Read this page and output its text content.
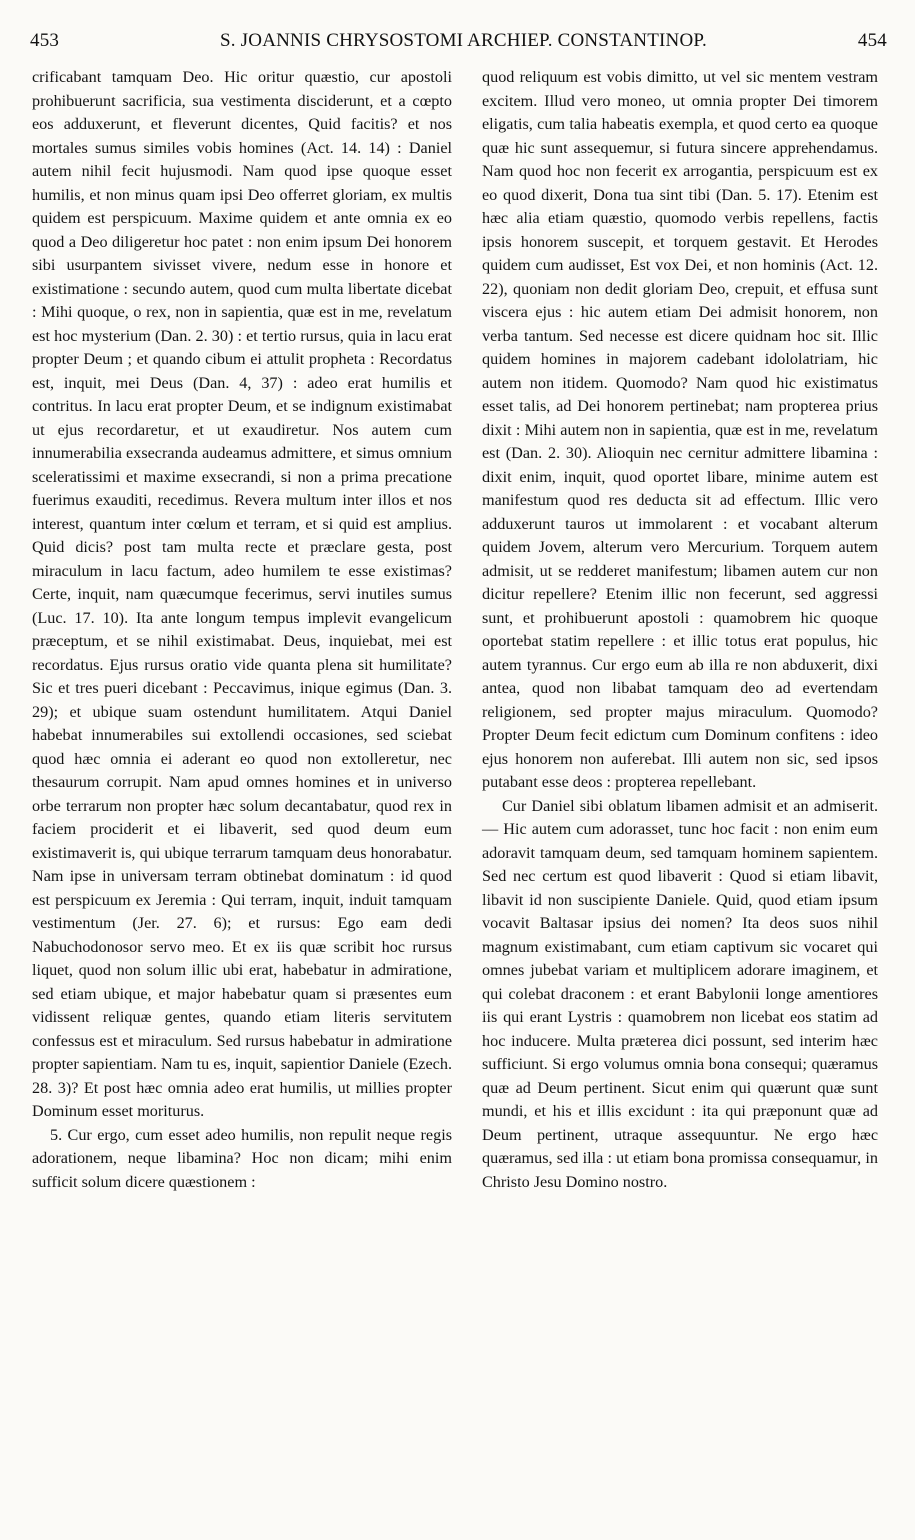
453	S. JOANNIS CHRYSOSTOMI ARCHIEP. CONSTANTINOP.	454

crificabant tamquam Deo. Hic oritur quæstio, cur apostoli prohibuerunt sacrificia, sua vestimenta disciderunt, et a cœpto eos adduxerunt, et fleverunt dicentes, Quid facitis? et nos mortales sumus similes vobis homines (Act. 14. 14) : Daniel autem nihil fecit hujusmodi. Nam quod ipse quoque esset humilis, et non minus quam ipsi Deo offerret gloriam, ex multis quidem est perspicuum. Maxime quidem et ante omnia ex eo quod a Deo diligeretur hoc patet : non enim ipsum Dei honorem sibi usurpantem sivisset vivere, nedum esse in honore et existimatione : secundo autem, quod cum multa libertate dicebat : Mihi quoque, o rex, non in sapientia, quæ est in me, revelatum est hoc mysterium (Dan. 2. 30) : et tertio rursus, quia in lacu erat propter Deum ; et quando cibum ei attulit propheta : Recordatus est, inquit, mei Deus (Dan. 4, 37) : adeo erat humilis et contritus. In lacu erat propter Deum, et se indignum existimabat ut ejus recordaretur, et ut exaudiretur. Nos autem cum innumerabilia exsecranda audeamus admittere, et simus omnium sceleratissimi et maxime exsecrandi, si non a prima precatione fuerimus exauditi, recedimus. Revera multum inter illos et nos interest, quantum inter cœlum et terram, et si quid est amplius. Quid dicis? post tam multa recte et præclare gesta, post miraculum in lacu factum, adeo humilem te esse existimas? Certe, inquit, nam quæcumque fecerimus, servi inutiles sumus (Luc. 17. 10). Ita ante longum tempus implevit evangelicum præceptum, et se nihil existimabat. Deus, inquiebat, mei est recordatus. Ejus rursus oratio vide quanta plena sit humilitate? Sic et tres pueri dicebant : Peccavimus, inique egimus (Dan. 3. 29); et ubique suam ostendunt humilitatem. Atqui Daniel habebat innumerabiles sui extollendi occasiones, sed sciebat quod hæc omnia ei aderant eo quod non extolleretur, nec thesaurum corrupit. Nam apud omnes homines et in universo orbe terrarum non propter hæc solum decantabatur, quod rex in faciem prociderit et ei libaverit, sed quod deum eum existimaverit is, qui ubique terrarum tamquam deus honorabatur. Nam ipse in universam terram obtinebat dominatum : id quod est perspicuum ex Jeremia : Qui terram, inquit, induit tamquam vestimentum (Jer. 27. 6); et rursus: Ego eam dedi Nabuchodonosor servo meo. Et ex iis quæ scribit hoc rursus liquet, quod non solum illic ubi erat, habebatur in admiratione, sed etiam ubique, et major habebatur quam si præsentes eum vidissent reliquæ gentes, quando etiam literis servitutem confessus est et miraculum. Sed rursus habebatur in admiratione propter sapientiam. Nam tu es, inquit, sapientior Daniele (Ezech. 28. 3)? Et post hæc omnia adeo erat humilis, ut millies propter Dominum esset moriturus.

5. Cur ergo, cum esset adeo humilis, non repulit neque regis adorationem, neque libamina? Hoc non dicam; mihi enim sufficit solum dicere quæstionem :

quod reliquum est vobis dimitto, ut vel sic mentem vestram excitem. Illud vero moneo, ut omnia propter Dei timorem eligatis, cum talia habeatis exempla, et quod certo ea quoque quæ hic sunt assequemur, si futura sincere apprehendamus. Nam quod hoc non fecerit ex arrogantia, perspicuum est ex eo quod dixerit, Dona tua sint tibi (Dan. 5. 17). Etenim est hæc alia etiam quæstio, quomodo verbis repellens, factis ipsis honorem suscepit, et torquem gestavit. Et Herodes quidem cum audisset, Est vox Dei, et non hominis (Act. 12. 22), quoniam non dedit gloriam Deo, crepuit, et effusa sunt viscera ejus : hic autem etiam Dei admisit honorem, non verba tantum. Sed necesse est dicere quidnam hoc sit. Illic quidem homines in majorem cadebant idololatriam, hic autem non itidem. Quomodo? Nam quod hic existimatus esset talis, ad Dei honorem pertinebat; nam propterea prius dixit : Mihi autem non in sapientia, quæ est in me, revelatum est (Dan. 2. 30). Alioquin nec cernitur admittere libamina : dixit enim, inquit, quod oportet libare, minime autem est manifestum quod res deducta sit ad effectum. Illic vero adduxerunt tauros ut immolarent : et vocabant alterum quidem Jovem, alterum vero Mercurium. Torquem autem admisit, ut se redderet manifestum; libamen autem cur non dicitur repellere? Etenim illic non fecerunt, sed aggressi sunt, et prohibuerunt apostoli : quamobrem hic quoque oportebat statim repellere : et illic totus erat populus, hic autem tyrannus. Cur ergo eum ab illa re non abduxerit, dixi antea, quod non libabat tamquam deo ad evertendam religionem, sed propter majus miraculum. Quomodo? Propter Deum fecit edictum cum Dominum confitens : ideo ejus honorem non auferebat. Illi autem non sic, sed ipsos putabant esse deos : propterea repellebant.

Cur Daniel sibi oblatum libamen admisit et an admiserit. — Hic autem cum adorasset, tunc hoc facit : non enim eum adoravit tamquam deum, sed tamquam hominem sapientem. Sed nec certum est quod libaverit : Quod si etiam libavit, libavit id non suscipiente Daniele. Quid, quod etiam ipsum vocavit Baltasar ipsius dei nomen? Ita deos suos nihil magnum existimabant, cum etiam captivum sic vocaret qui omnes jubebat variam et multiplicem adorare imaginem, et qui colebat draconem : et erant Babylonii longe amentiores iis qui erant Lystris : quamobrem non licebat eos statim ad hoc inducere. Multa præterea dici possunt, sed interim hæc sufficiunt. Si ergo volumus omnia bona consequi; quæramus quæ ad Deum pertinent. Sicut enim qui quærunt quæ sunt mundi, et his et illis excidunt : ita qui præponunt quæ ad Deum pertinent, utraque assequuntur. Ne ergo hæc quæramus, sed illa : ut etiam bona promissa consequamur, in Christo Jesu Domino nostro.
